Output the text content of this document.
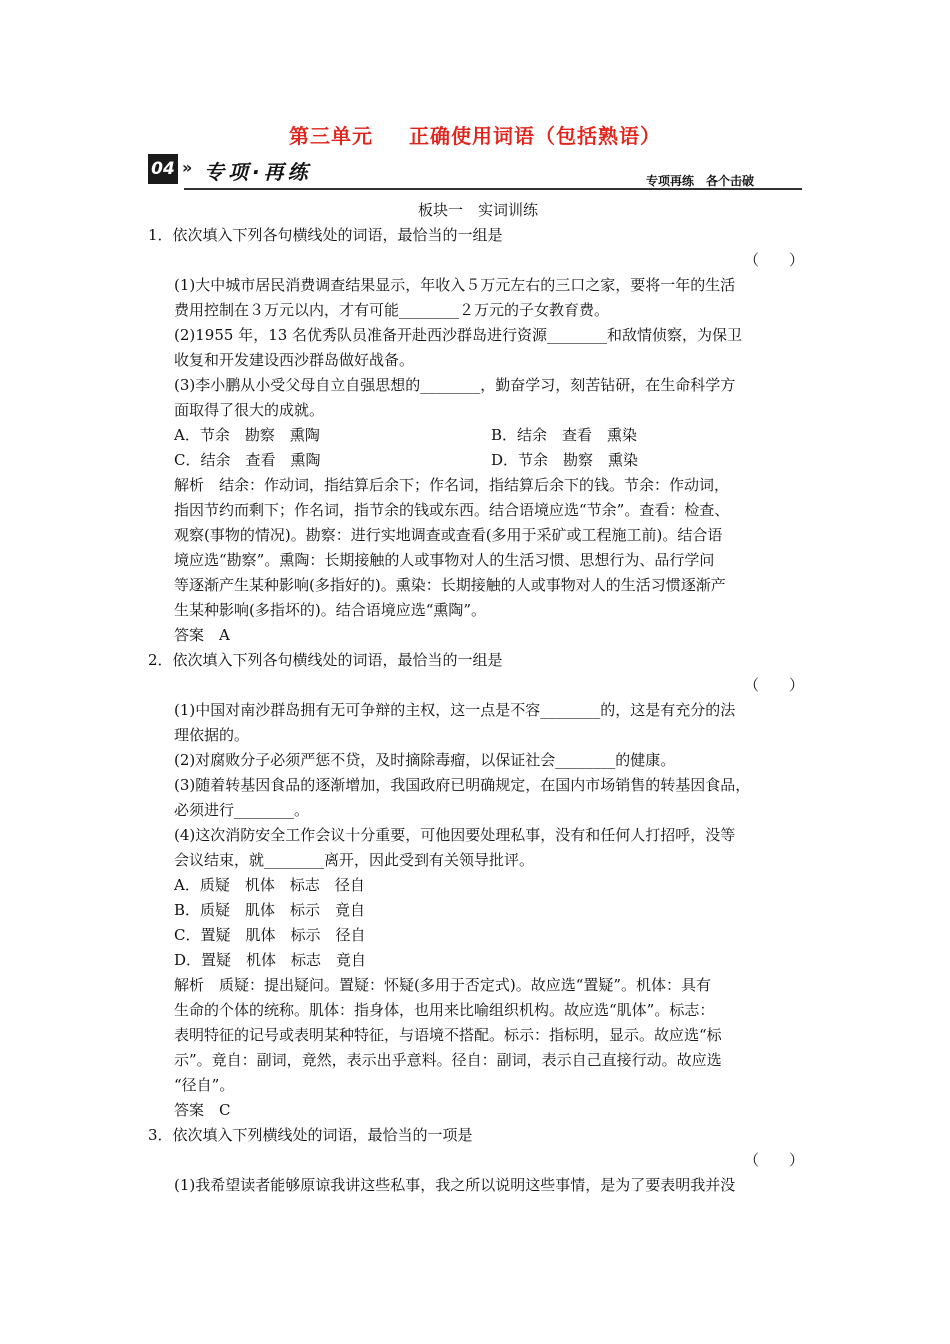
第三单元 正确使用词语（包括熟语）
04 » 专项·再练	专项再练　各个击破
板块一　实词训练
1．依次填入下列各句横线处的词语，最恰当的一组是
（　　）
(1)大中城市居民消费调查结果显示，年收入５万元左右的三口之家，要将一年的生活
费用控制在３万元以内，才有可能________２万元的子女教育费。
(2)1955 年，13 名优秀队员准备开赴西沙群岛进行资源________和敌情侦察，为保卫
收复和开发建设西沙群岛做好战备。
(3)李小鹏从小受父母自立自强思想的________，勤奋学习，刻苦钻研，在生命科学方
面取得了很大的成就。
A．节余　勘察　熏陶	B．结余　查看　熏染
C．结余　查看　熏陶	D．节余　勘察　熏染
解析　结余：作动词，指结算后余下；作名词，指结算后余下的钱。节余：作动词，
指因节约而剩下；作名词，指节余的钱或东西。结合语境应选“节余”。查看：检查、
观察(事物的情况)。勘察：进行实地调查或查看(多用于采矿或工程施工前)。结合语
境应选“勘察”。熏陶：长期接触的人或事物对人的生活习惯、思想行为、品行学问
等逐渐产生某种影响(多指好的)。熏染：长期接触的人或事物对人的生活习惯逐渐产
生某种影响(多指坏的)。结合语境应选“熏陶”。
答案　A
2．依次填入下列各句横线处的词语，最恰当的一组是
（　　）
(1)中国对南沙群岛拥有无可争辩的主权，这一点是不容________的，这是有充分的法
理依据的。
(2)对腐败分子必须严惩不贷，及时摘除毒瘤，以保证社会________的健康。
(3)随着转基因食品的逐渐增加，我国政府已明确规定，在国内市场销售的转基因食品，
必须进行________。
(4)这次消防安全工作会议十分重要，可他因要处理私事，没有和任何人打招呼，没等
会议结束，就________离开，因此受到有关领导批评。
A．质疑　机体　标志　径自
B．质疑　肌体　标示　竟自
C．置疑　肌体　标示　径自
D．置疑　机体　标志　竟自
解析　质疑：提出疑问。置疑：怀疑(多用于否定式)。故应选“置疑”。机体：具有
生命的个体的统称。肌体：指身体，也用来比喻组织机构。故应选“肌体”。标志：
表明特征的记号或表明某种特征，与语境不搭配。标示：指标明，显示。故应选“标
示”。竟自：副词，竟然，表示出乎意料。径自：副词，表示自己直接行动。故应选
“径自”。
答案　C
3．依次填入下列横线处的词语，最恰当的一项是
（　　）
(1)我希望读者能够原谅我讲这些私事，我之所以说明这些事情，是为了要表明我并没
